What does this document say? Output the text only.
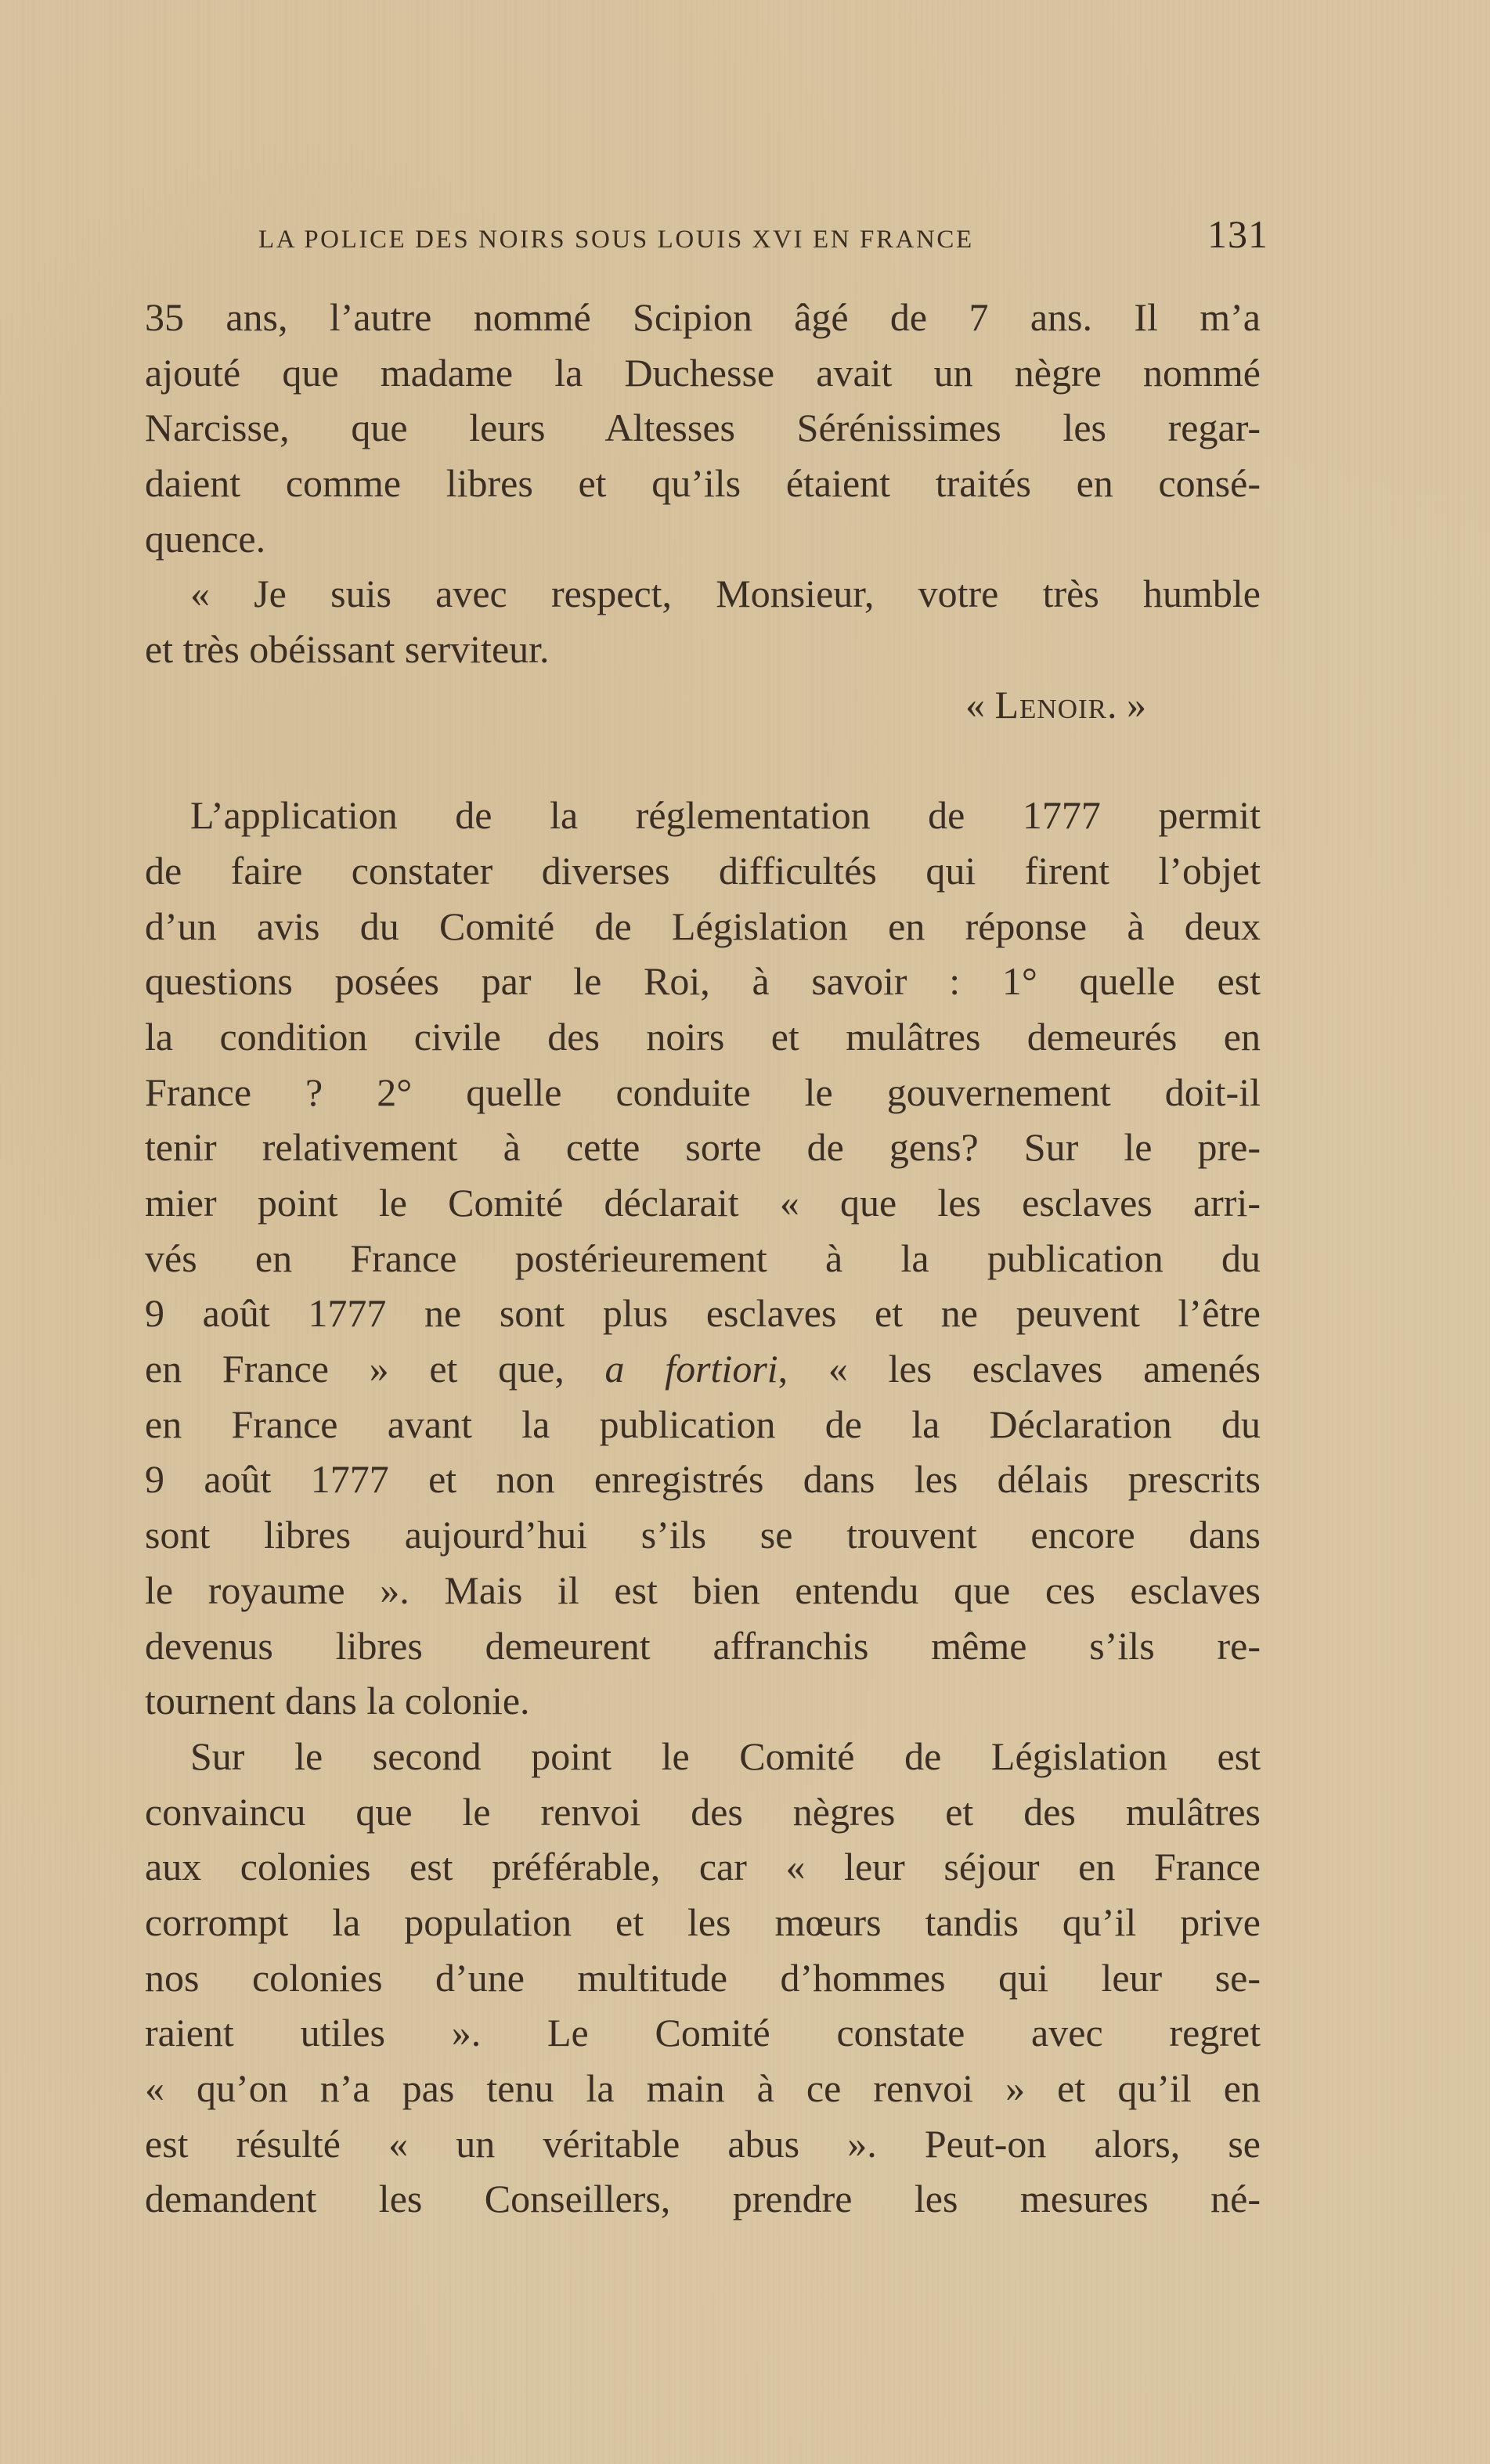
LA POLICE DES NOIRS SOUS LOUIS XVI EN FRANCE	131
35 ans, l’autre nommé Scipion âgé de 7 ans. Il m’a
ajouté que madame la Duchesse avait un nègre nommé
Narcisse, que leurs Altesses Sérénissimes les regar-
daient comme libres et qu’ils étaient traités en consé-
quence.
« Je suis avec respect, Monsieur, votre très humble
et très obéissant serviteur.
« Lenoir. »
L’application de la réglementation de 1777 permit
de faire constater diverses difficultés qui firent l’objet
d’un avis du Comité de Législation en réponse à deux
questions posées par le Roi, à savoir : 1° quelle est
la condition civile des noirs et mulâtres demeurés en
France ? 2° quelle conduite le gouvernement doit-il
tenir relativement à cette sorte de gens? Sur le pre-
mier point le Comité déclarait « que les esclaves arri-
vés en France postérieurement à la publication du
9 août 1777 ne sont plus esclaves et ne peuvent l’être
en France » et que, a fortiori, « les esclaves amenés
en France avant la publication de la Déclaration du
9 août 1777 et non enregistrés dans les délais prescrits
sont libres aujourd’hui s’ils se trouvent encore dans
le royaume ». Mais il est bien entendu que ces esclaves
devenus libres demeurent affranchis même s’ils re-
tournent dans la colonie.
Sur le second point le Comité de Législation est
convaincu que le renvoi des nègres et des mulâtres
aux colonies est préférable, car « leur séjour en France
corrompt la population et les mœurs tandis qu’il prive
nos colonies d’une multitude d’hommes qui leur se-
raient utiles ». Le Comité constate avec regret
« qu’on n’a pas tenu la main à ce renvoi » et qu’il en
est résulté « un véritable abus ». Peut-on alors, se
demandent les Conseillers, prendre les mesures né-
